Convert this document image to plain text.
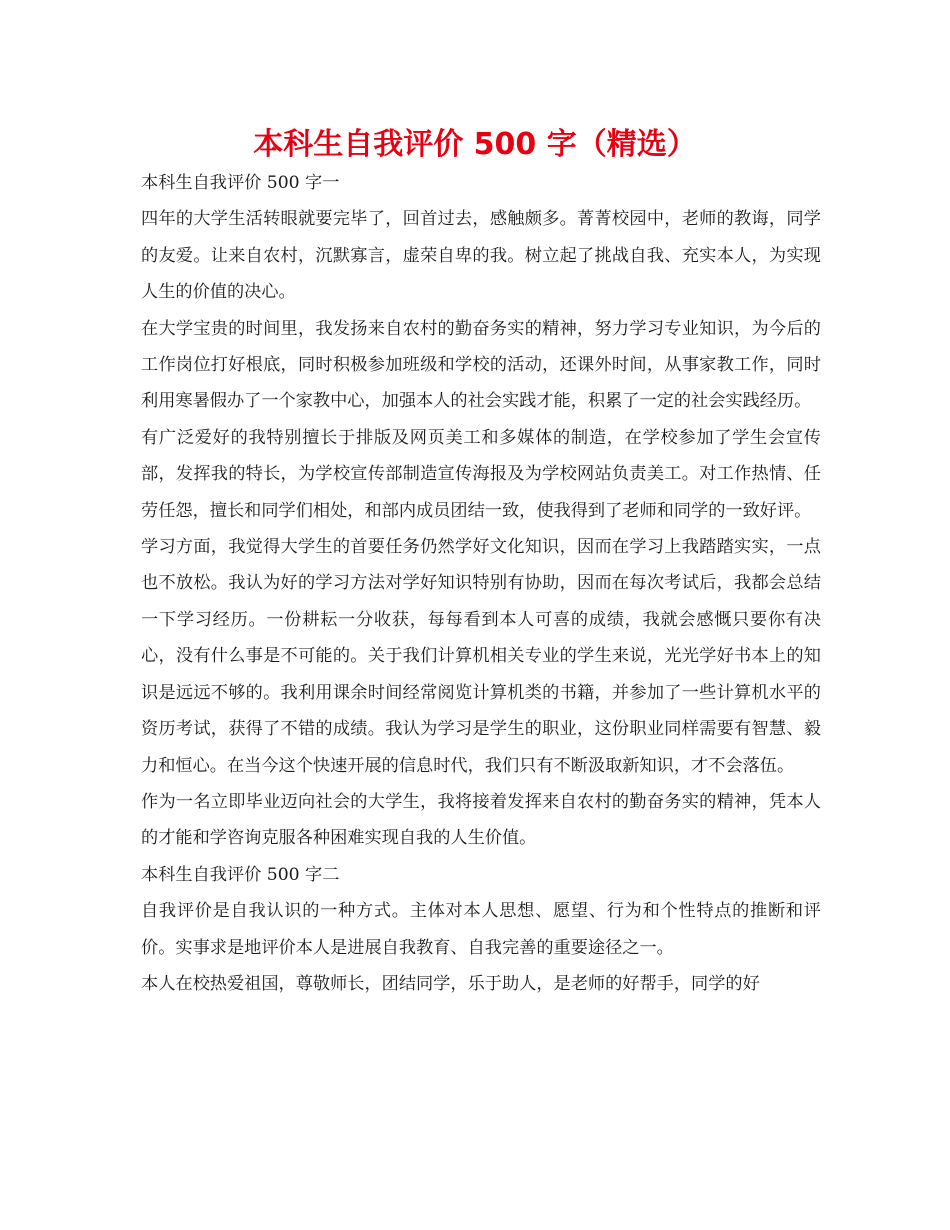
本科生自我评价 500 字（精选）

本科生自我评价 500 字一

四年的大学生活转眼就要完毕了，回首过去，感触颇多。菁菁校园中，老师的教诲，同学的友爱。让来自农村，沉默寡言，虚荣自卑的我。树立起了挑战自我、充实本人，为实现人生的价值的决心。

在大学宝贵的时间里，我发扬来自农村的勤奋务实的精神，努力学习专业知识，为今后的工作岗位打好根底，同时积极参加班级和学校的活动，还课外时间，从事家教工作，同时利用寒暑假办了一个家教中心，加强本人的社会实践才能，积累了一定的社会实践经历。

有广泛爱好的我特别擅长于排版及网页美工和多媒体的制造，在学校参加了学生会宣传部，发挥我的特长，为学校宣传部制造宣传海报及为学校网站负责美工。对工作热情、任劳任怨，擅长和同学们相处，和部内成员团结一致，使我得到了老师和同学的一致好评。

学习方面，我觉得大学生的首要任务仍然学好文化知识，因而在学习上我踏踏实实，一点也不放松。我认为好的学习方法对学好知识特别有协助，因而在每次考试后，我都会总结一下学习经历。一份耕耘一分收获，每每看到本人可喜的成绩，我就会感慨只要你有决心，没有什么事是不可能的。关于我们计算机相关专业的学生来说，光光学好书本上的知识是远远不够的。我利用课余时间经常阅览计算机类的书籍，并参加了一些计算机水平的资历考试，获得了不错的成绩。我认为学习是学生的职业，这份职业同样需要有智慧、毅力和恒心。在当今这个快速开展的信息时代，我们只有不断汲取新知识，才不会落伍。

作为一名立即毕业迈向社会的大学生，我将接着发挥来自农村的勤奋务实的精神，凭本人的才能和学咨询克服各种困难实现自我的人生价值。

本科生自我评价 500 字二

自我评价是自我认识的一种方式。主体对本人思想、愿望、行为和个性特点的推断和评价。实事求是地评价本人是进展自我教育、自我完善的重要途径之一。

本人在校热爱祖国，尊敬师长，团结同学，乐于助人，是老师的好帮手，同学的好
